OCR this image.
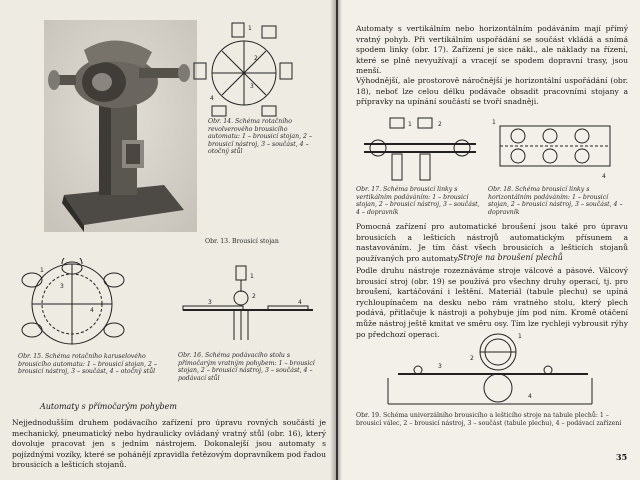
Obr. 13. Brousicí stojan
1
2
3
4
Obr. 14. Schéma rotačního revolverového brousicího automatu: 1 – brousicí stojan, 2 – brousicí nástroj, 3 – součást, 4 – otočný stůl
1
4
3
Obr. 15. Schéma rotačního karuselového brousicího automatu: 1 – brousicí stojan, 2 – brousicí nástroj, 3 – součást, 4 – otočný stůl
1
2
3	4
Obr. 16. Schéma podávacího stolu s přímočarým vratným pohybem: 1 – brousicí stojan, 2 – brousicí nástroj, 3 – součást, 4 – podávací stůl
Automaty s přímočarým pohybem
Nejjednodušším druhem podávacího zařízení pro úpravu rovných součástí je mechanický, pneumatický nebo hydraulicky ovládaný vratný stůl (obr. 16), který dovoluje pracovat jen s jedním nástrojem. Dokonalejší jsou automaty s pojízdnými vozíky, které se pohánějí zpravidla řetězovým dopravníkem pod řadou brousicích a lešticích stojanů.
Automaty s vertikálním nebo horizontálním podáváním mají přímý vratný pohyb. Při vertikálním uspořádání se součást vkládá a snímá spodem linky (obr. 17). Zařízení je sice nákl., ale náklady na řízení, které se plně nevyužívají a vracejí se spodem dopravní trasy, jsou menší.
Výhodnější, ale prostorově náročnější je horizontální uspořádání (obr. 18), neboť lze celou délku podávače obsadit pracovními stojany a přípravky na upínání součástí se tvoří snadněji.
1	2
Obr. 17. Schéma brousicí linky s vertikálním podáváním: 1 – brousicí stojan, 2 – brousicí nástroj, 3 – součást, 4 – dopravník
1
4
Obr. 18. Schéma brousicí linky s horizontálním podáváním: 1 – brousicí stojan, 2 – brousicí nástroj, 3 – součást, 4 – dopravník
Pomocná zařízení pro automatické broušení jsou také pro úpravu brousicích a lešticích nástrojů automatickým přísunem a nastavováním. Je tím část všech brousicích a lešticích stojanů používaných pro automaty.
Stroje na broušení plechů
Podle druhu nástroje rozeznáváme stroje válcové a pásové. Válcový brousicí stroj (obr. 19) se používá pro všechny druhy operací, tj. pro broušení, kartáčování i leštění. Materiál (tabule plechu) se upíná rychloupínačem na desku nebo rám vratného stolu, který plech podává, přitlačuje k nástroji a pohybuje jím pod ním. Kromě otáčení může nástroj ještě kmitat ve směru osy. Tím lze rychleji vybrousit rýhy po předchozí operaci.	1
2
3
4
Obr. 19. Schéma univerzálního brousicího a lešticího stroje na tabule plechů: 1 – brousicí válec, 2 – brousicí nástroj, 3 – součást (tabule plechu), 4 – podávací zařízení
35
